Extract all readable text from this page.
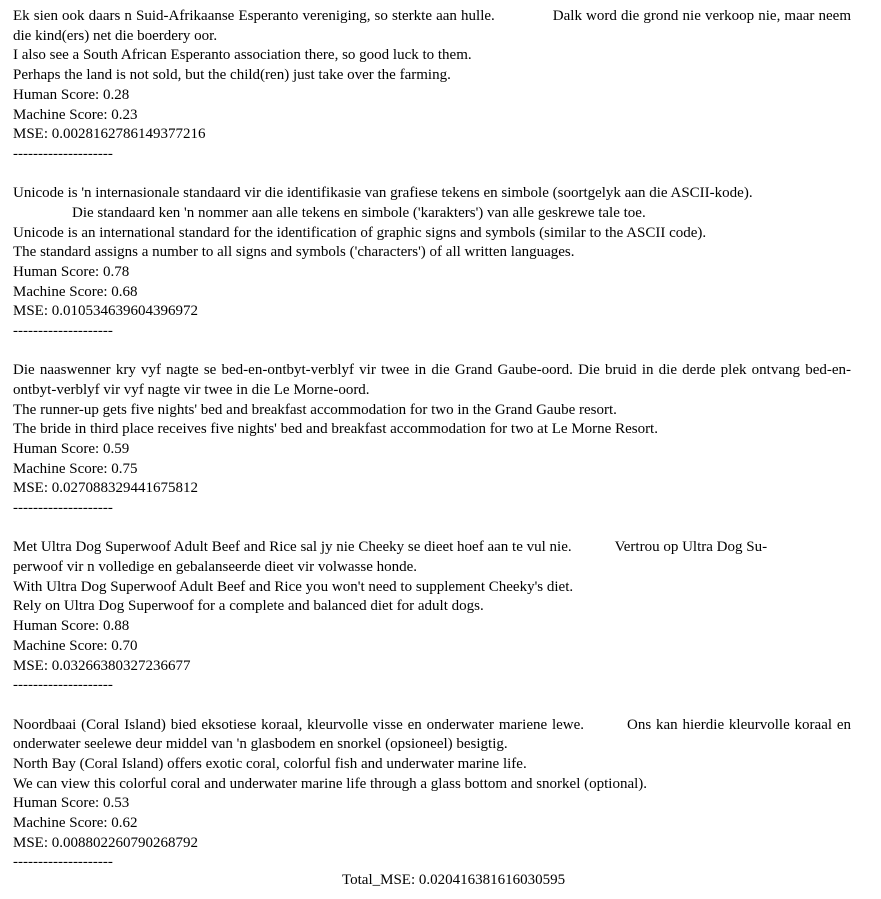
Ek sien ook daars n Suid-Afrikaanse Esperanto vereniging, so sterkte aan hulle.	Dalk word die grond nie verkoop nie, maar neem die kind(ers) net die boerdery oor.
I also see a South African Esperanto association there, so good luck to them.
Perhaps the land is not sold, but the child(ren) just take over the farming.
Human Score: 0.28
Machine Score: 0.23
MSE: 0.0028162786149377216
--------------------
Unicode is 'n internasionale standaard vir die identifikasie van grafiese tekens en simbole (soortgelyk aan die ASCII-kode).
Die standaard ken 'n nommer aan alle tekens en simbole ('karakters') van alle geskrewe tale toe.
Unicode is an international standard for the identification of graphic signs and symbols (similar to the ASCII code).
The standard assigns a number to all signs and symbols ('characters') of all written languages.
Human Score: 0.78
Machine Score: 0.68
MSE: 0.010534639604396972
--------------------
Die naaswenner kry vyf nagte se bed-en-ontbyt-verblyf vir twee in die Grand Gaube-oord. Die bruid in die derde plek ontvang bed-en-ontbyt-verblyf vir vyf nagte vir twee in die Le Morne-oord.
The runner-up gets five nights' bed and breakfast accommodation for two in the Grand Gaube resort.
The bride in third place receives five nights' bed and breakfast accommodation for two at Le Morne Resort.
Human Score: 0.59
Machine Score: 0.75
MSE: 0.027088329441675812
--------------------
Met Ultra Dog Superwoof Adult Beef and Rice sal jy nie Cheeky se dieet hoef aan te vul nie.	Vertrou op Ultra Dog Su-
perwoof vir n volledige en gebalanseerde dieet vir volwasse honde.
With Ultra Dog Superwoof Adult Beef and Rice you won't need to supplement Cheeky's diet.
Rely on Ultra Dog Superwoof for a complete and balanced diet for adult dogs.
Human Score: 0.88
Machine Score: 0.70
MSE: 0.03266380327236677
--------------------
Noordbaai (Coral Island) bied eksotiese koraal, kleurvolle visse en onderwater mariene lewe.	Ons kan hierdie kleurvolle koraal en onderwater seelewe deur middel van 'n glasbodem en snorkel (opsioneel) besigtig.
North Bay (Coral Island) offers exotic coral, colorful fish and underwater marine life.
We can view this colorful coral and underwater marine life through a glass bottom and snorkel (optional).
Human Score: 0.53
Machine Score: 0.62
MSE: 0.008802260790268792
--------------------
Total_MSE: 0.020416381616030595
